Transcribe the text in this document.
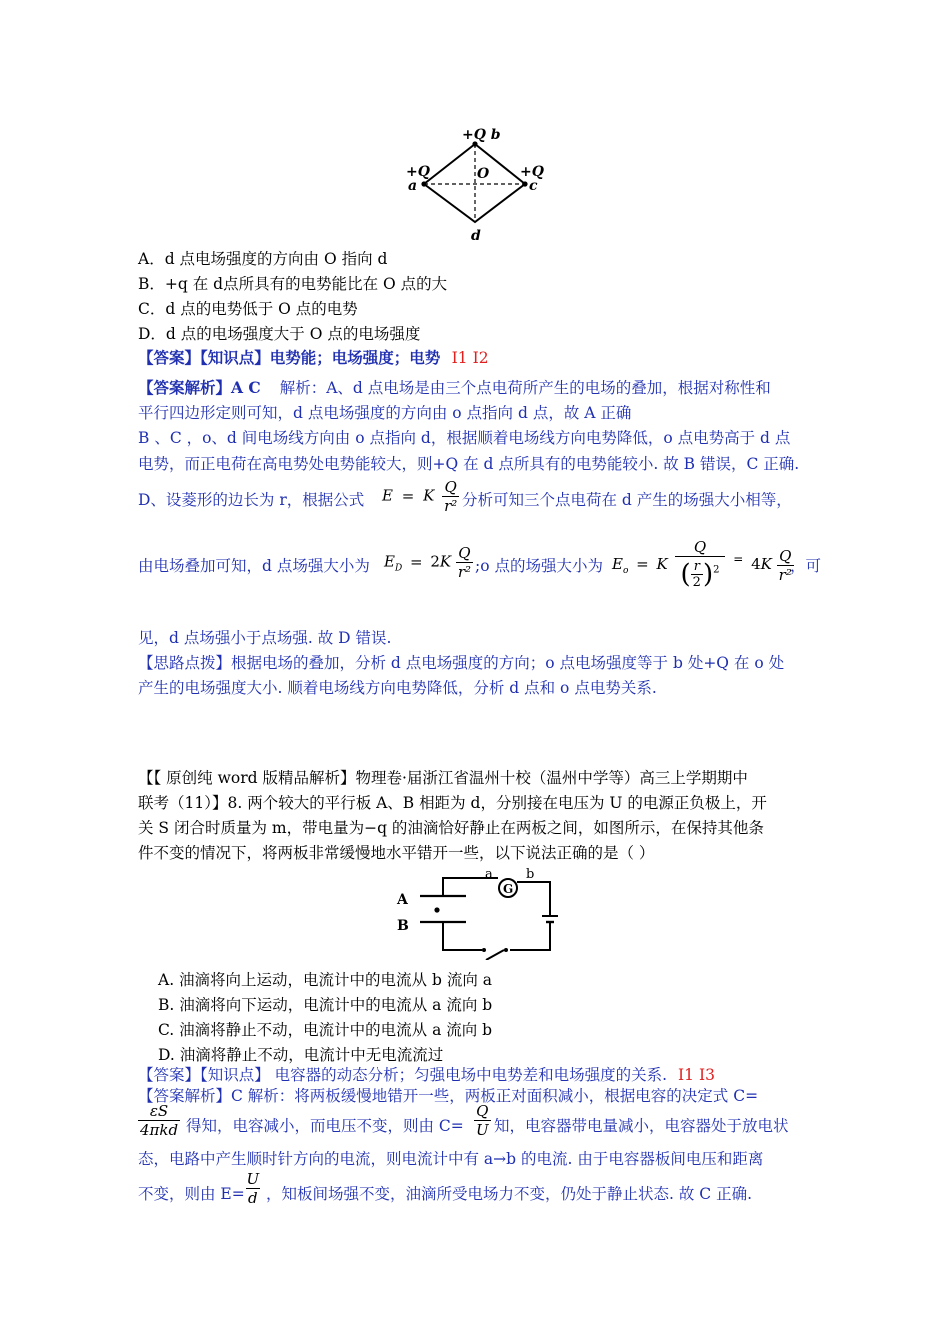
+Q b
+Q
a
+Q
c
O
d
A．d 点电场强度的方向由 O 指向 d
B．+q 在 d点所具有的电势能比在 O 点的大
C．d 点的电势低于 O 点的电势
D．d 点的电场强度大于 O 点的电场强度
【答案】【知识点】电势能；电场强度；电势 I1 I2
【答案解析】A C 解析：A、d 点电场是由三个点电荷所产生的电场的叠加，根据对称性和
平行四边形定则可知，d 点电场强度的方向由 o 点指向 d 点，故 A 正确
B 、C ，o、d 间电场线方向由 o 点指向 d，根据顺着电场线方向电势降低，o 点电势高于 d 点
电势，而正电荷在高电势处电势能较大，则+Q 在 d 点所具有的电势能较小. 故 B 错误，C 正确.
D、设菱形的边长为 r，根据公式 E = K $\frac{Q}{\text{r²}}$ 分析可知三个点电荷在 d 产生的场强大小相等，
由电场叠加可知，d 点场强大小为 $E_D = 2K \frac{Q}{\text{r²}}$ ;o 点的场强大小为 $E_o = K \frac{Q}{( \frac{r}{2} )^2} ^=$ $4K \frac{Q}{\text{r²}}$
，可
见，d 点场强小于点场强. 故 D 错误.
【思路点拨】根据电场的叠加，分析 d 点电场强度的方向；o 点电场强度等于 b 处+Q 在 o 处
产生的电场强度大小. 顺着电场线方向电势降低，分析 d 点和 o 点电势关系.
【【 原创纯 word 版精品解析】物理卷·届浙江省温州十校（温州中学等）高三上学期期中
联考（11）】8. 两个较大的平行板 A、B 相距为 d，分别接在电压为 U 的电源正负极上，开
关 S 闭合时质量为 m，带电量为−q 的油滴恰好静止在两板之间，如图所示，在保持其他条
件不变的情况下，将两板非常缓慢地水平错开一些，以下说法正确的是（ ）
a	b
G
A
B
A. 油滴将向上运动，电流计中的电流从 b 流向 a
B. 油滴将向下运动，电流计中的电流从 a 流向 b
C. 油滴将静止不动，电流计中的电流从 a 流向 b
D. 油滴将静止不动，电流计中无电流流过
【答案】【知识点】 电容器的动态分析；匀强电场中电势差和电场强度的关系. I1 I3
【答案解析】C 解析：将两板缓慢地错开一些，两板正对面积减小，根据电容的决定式 C=
$\frac{\varepsilon S}{\text{4πkd}}$ 得知，电容减小，而电压不变，则由 $C= \frac{Q}{U}$ 知，电容器带电量减小，电容器处于放电状
态，电路中产生顺时针方向的电流，则电流计中有 a→b 的电流. 由于电容器板间电压和距离
不变，则由 $E= \frac{U}{d}$ ，知板间场强不变，油滴所受电场力不变，仍处于静止状态. 故 C 正确.
